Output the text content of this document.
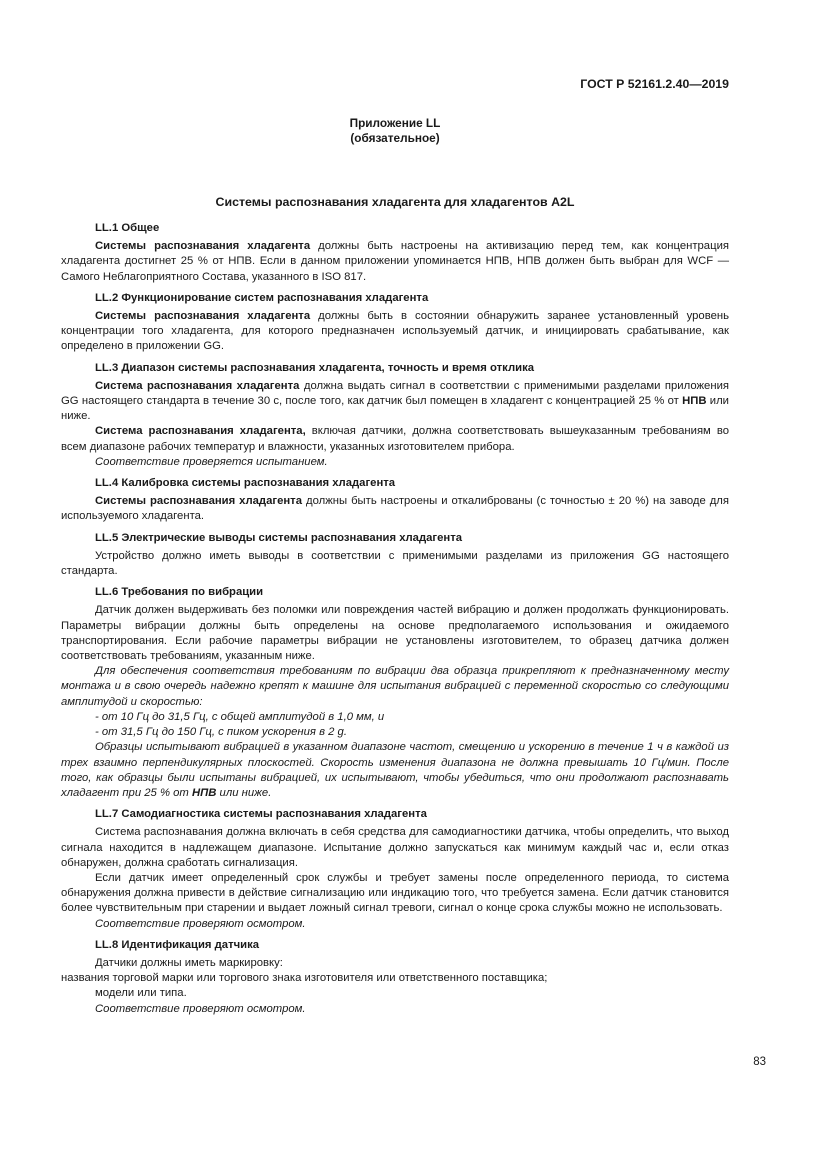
ГОСТ Р 52161.2.40—2019
Приложение LL
(обязательное)
Системы распознавания хладагента для хладагентов A2L
LL.1 Общее

Системы распознавания хладагента должны быть настроены на активизацию перед тем, как концентрация хладагента достигнет 25 % от НПВ. Если в данном приложении упоминается НПВ, НПВ должен быть выбран для WCF — Самого Неблагоприятного Состава, указанного в ISO 817.

LL.2 Функционирование систем распознавания хладагента

Системы распознавания хладагента должны быть в состоянии обнаружить заранее установленный уровень концентрации того хладагента, для которого предназначен используемый датчик, и инициировать срабатывание, как определено в приложении GG.

LL.3 Диапазон системы распознавания хладагента, точность и время отклика

Система распознавания хладагента должна выдать сигнал в соответствии с применимыми разделами приложения GG настоящего стандарта в течение 30 с, после того, как датчик был помещен в хладагент с концентрацией 25 % от НПВ или ниже.

Система распознавания хладагента, включая датчики, должна соответствовать вышеуказанным требованиям во всем диапазоне рабочих температур и влажности, указанных изготовителем прибора.

Соответствие проверяется испытанием.

LL.4 Калибровка системы распознавания хладагента

Системы распознавания хладагента должны быть настроены и откалиброваны (с точностью ± 20 %) на заводе для используемого хладагента.

LL.5 Электрические выводы системы распознавания хладагента

Устройство должно иметь выводы в соответствии с применимыми разделами из приложения GG настоящего стандарта.

LL.6 Требования по вибрации

Датчик должен выдерживать без поломки или повреждения частей вибрацию и должен продолжать функционировать. Параметры вибрации должны быть определены на основе предполагаемого использования и ожидаемого транспортирования. Если рабочие параметры вибрации не установлены изготовителем, то образец датчика должен соответствовать требованиям, указанным ниже.

Для обеспечения соответствия требованиям по вибрации два образца прикрепляют к предназначенному месту монтажа и в свою очередь надежно крепят к машине для испытания вибрацией с переменной скоростью со следующими амплитудой и скоростью:

- от 10 Гц до 31,5 Гц, с общей амплитудой в 1,0 мм, и

- от 31,5 Гц до 150 Гц, с пиком ускорения в 2 g.

Образцы испытывают вибрацией в указанном диапазоне частот, смещению и ускорению в течение 1 ч в каждой из трех взаимно перпендикулярных плоскостей. Скорость изменения диапазона не должна превышать 10 Гц/мин. После того, как образцы были испытаны вибрацией, их испытывают, чтобы убедиться, что они продолжают распознавать хладагент при 25 % от НПВ или ниже.

LL.7 Самодиагностика системы распознавания хладагента

Система распознавания должна включать в себя средства для самодиагностики датчика, чтобы определить, что выход сигнала находится в надлежащем диапазоне. Испытание должно запускаться как минимум каждый час и, если отказ обнаружен, должна сработать сигнализация.

Если датчик имеет определенный срок службы и требует замены после определенного периода, то система обнаружения должна привести в действие сигнализацию или индикацию того, что требуется замена. Если датчик становится более чувствительным при старении и выдает ложный сигнал тревоги, сигнал о конце срока службы можно не использовать.

Соответствие проверяют осмотром.

LL.8 Идентификация датчика

Датчики должны иметь маркировку:

названия торговой марки или торгового знака изготовителя или ответственного поставщика;

модели или типа.

Соответствие проверяют осмотром.

83
